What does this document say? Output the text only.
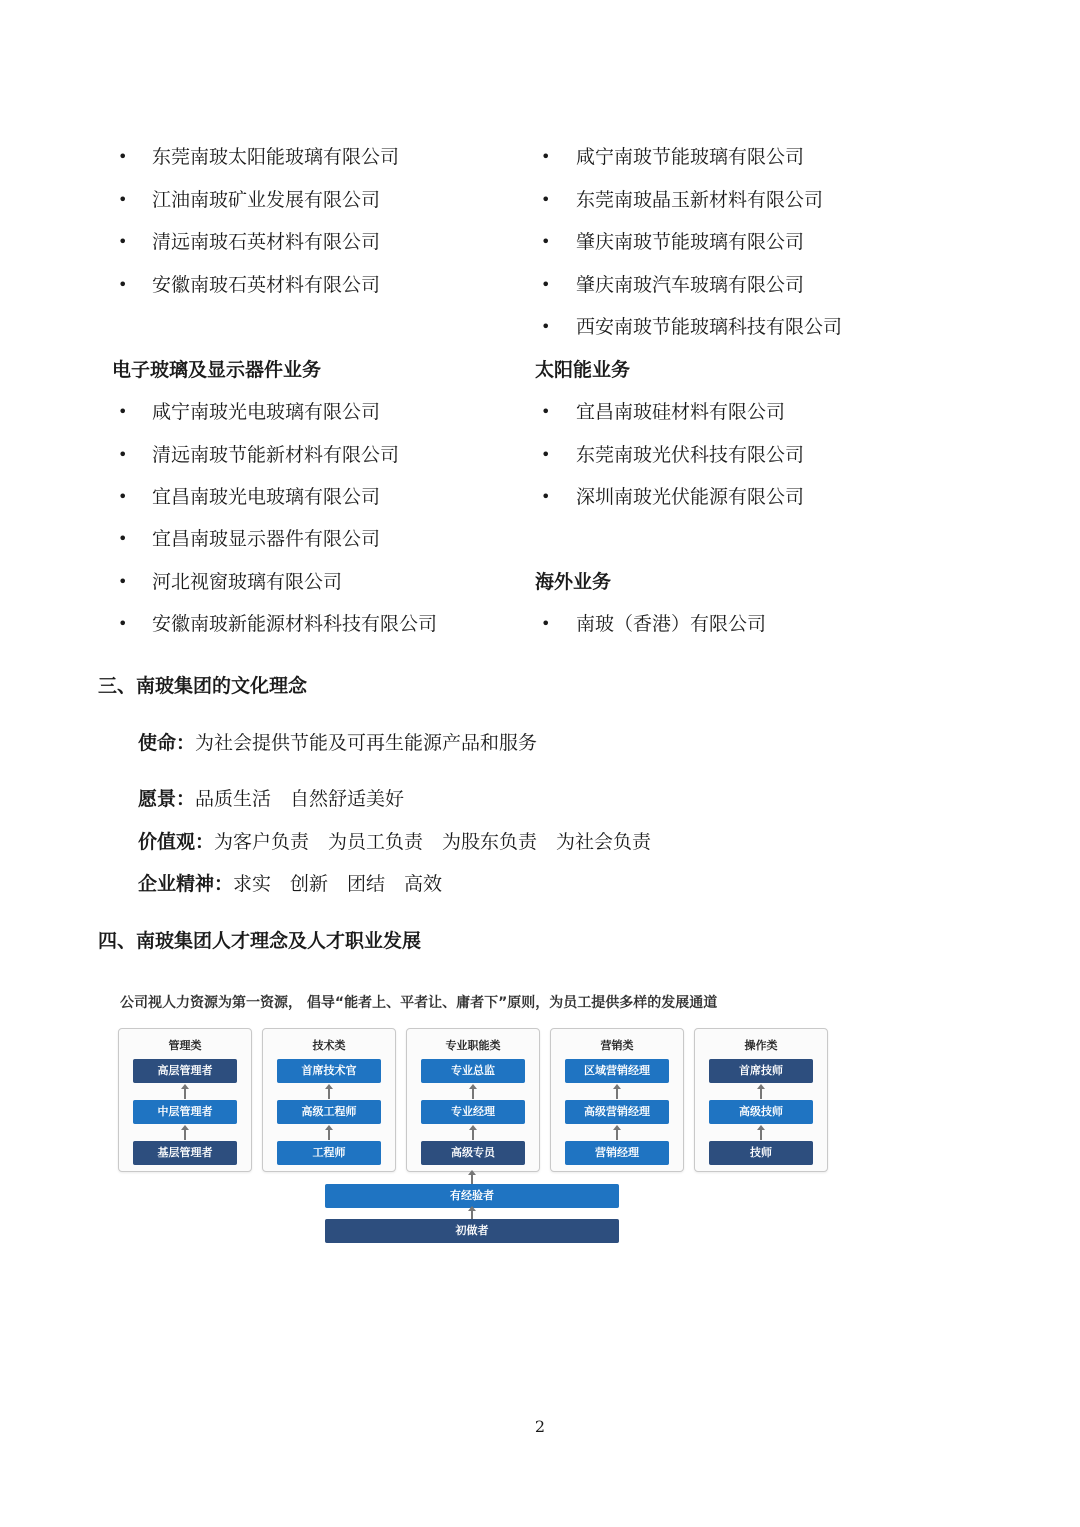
• 东莞南玻太阳能玻璃有限公司
• 江油南玻矿业发展有限公司
• 清远南玻石英材料有限公司
• 安徽南玻石英材料有限公司
• 咸宁南玻节能玻璃有限公司
• 东莞南玻晶玉新材料有限公司
• 肇庆南玻节能玻璃有限公司
• 肇庆南玻汽车玻璃有限公司
• 西安南玻节能玻璃科技有限公司
电子玻璃及显示器件业务
• 咸宁南玻光电玻璃有限公司
• 清远南玻节能新材料有限公司
• 宜昌南玻光电玻璃有限公司
• 宜昌南玻显示器件有限公司
• 河北视窗玻璃有限公司
• 安徽南玻新能源材料科技有限公司
太阳能业务
• 宜昌南玻硅材料有限公司
• 东莞南玻光伏科技有限公司
• 深圳南玻光伏能源有限公司
海外业务
• 南玻（香港）有限公司
三、南玻集团的文化理念
使命：为社会提供节能及可再生能源产品和服务
愿景：品质生活　自然舒适美好
价值观：为客户负责　为员工负责　为股东负责　为社会负责
企业精神：求实　创新　团结　高效
四、南玻集团人才理念及人才职业发展
公司视人力资源为第一资源， 倡导“能者上、平者让、庸者下”原则，为员工提供多样的发展通道
管理类
高层管理者
中层管理者
基层管理者
技术类
首席技术官
高级工程师
工程师
专业职能类
专业总监
专业经理
高级专员
营销类
区域营销经理
高级营销经理
营销经理
操作类
首席技师
高级技师
技师
有经验者
初做者
2
